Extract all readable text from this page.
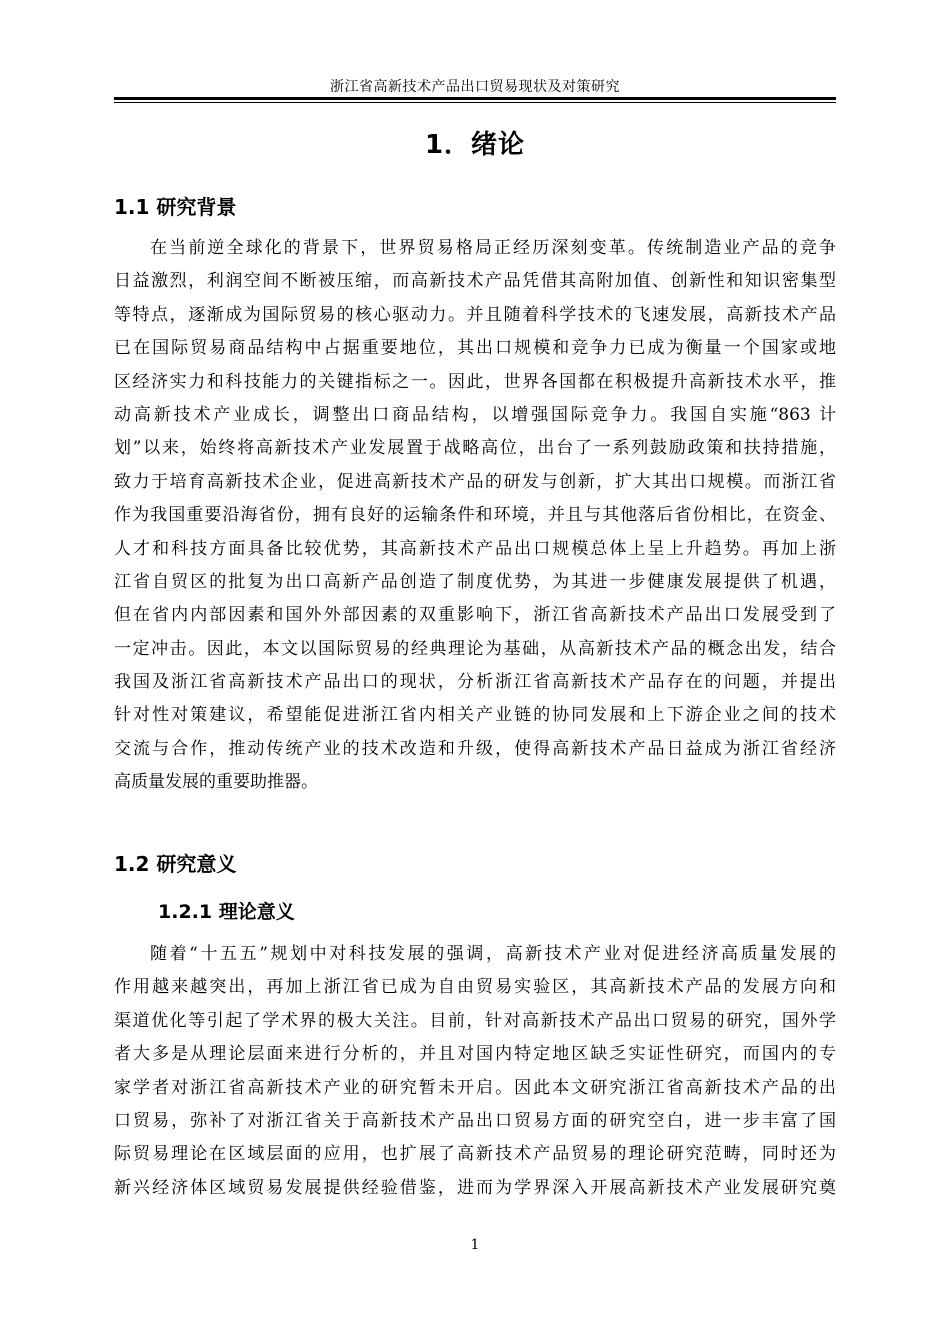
浙江省高新技术产品出口贸易现状及对策研究
1．绪论
1.1 研究背景
在当前逆全球化的背景下，世界贸易格局正经历深刻变革。传统制造业产品的竞争
日益激烈，利润空间不断被压缩，而高新技术产品凭借其高附加值、创新性和知识密集型
等特点，逐渐成为国际贸易的核心驱动力。并且随着科学技术的飞速发展，高新技术产品
已在国际贸易商品结构中占据重要地位，其出口规模和竞争力已成为衡量一个国家或地
区经济实力和科技能力的关键指标之一。因此，世界各国都在积极提升高新技术水平，推
动高新技术产业成长，调整出口商品结构，以增强国际竞争力。我国自实施“863 计
划”以来，始终将高新技术产业发展置于战略高位，出台了一系列鼓励政策和扶持措施，
致力于培育高新技术企业，促进高新技术产品的研发与创新，扩大其出口规模。而浙江省
作为我国重要沿海省份，拥有良好的运输条件和环境，并且与其他落后省份相比，在资金、
人才和科技方面具备比较优势，其高新技术产品出口规模总体上呈上升趋势。再加上浙
江省自贸区的批复为出口高新产品创造了制度优势，为其进一步健康发展提供了机遇，
但在省内内部因素和国外外部因素的双重影响下，浙江省高新技术产品出口发展受到了
一定冲击。因此，本文以国际贸易的经典理论为基础，从高新技术产品的概念出发，结合
我国及浙江省高新技术产品出口的现状，分析浙江省高新技术产品存在的问题，并提出
针对性对策建议，希望能促进浙江省内相关产业链的协同发展和上下游企业之间的技术
交流与合作，推动传统产业的技术改造和升级，使得高新技术产品日益成为浙江省经济
高质量发展的重要助推器。
1.2 研究意义
1.2.1 理论意义
随着“十五五”规划中对科技发展的强调，高新技术产业对促进经济高质量发展的
作用越来越突出，再加上浙江省已成为自由贸易实验区，其高新技术产品的发展方向和
渠道优化等引起了学术界的极大关注。目前，针对高新技术产品出口贸易的研究，国外学
者大多是从理论层面来进行分析的，并且对国内特定地区缺乏实证性研究，而国内的专
家学者对浙江省高新技术产业的研究暂未开启。因此本文研究浙江省高新技术产品的出
口贸易，弥补了对浙江省关于高新技术产品出口贸易方面的研究空白，进一步丰富了国
际贸易理论在区域层面的应用，也扩展了高新技术产品贸易的理论研究范畴，同时还为
新兴经济体区域贸易发展提供经验借鉴，进而为学界深入开展高新技术产业发展研究奠
1
